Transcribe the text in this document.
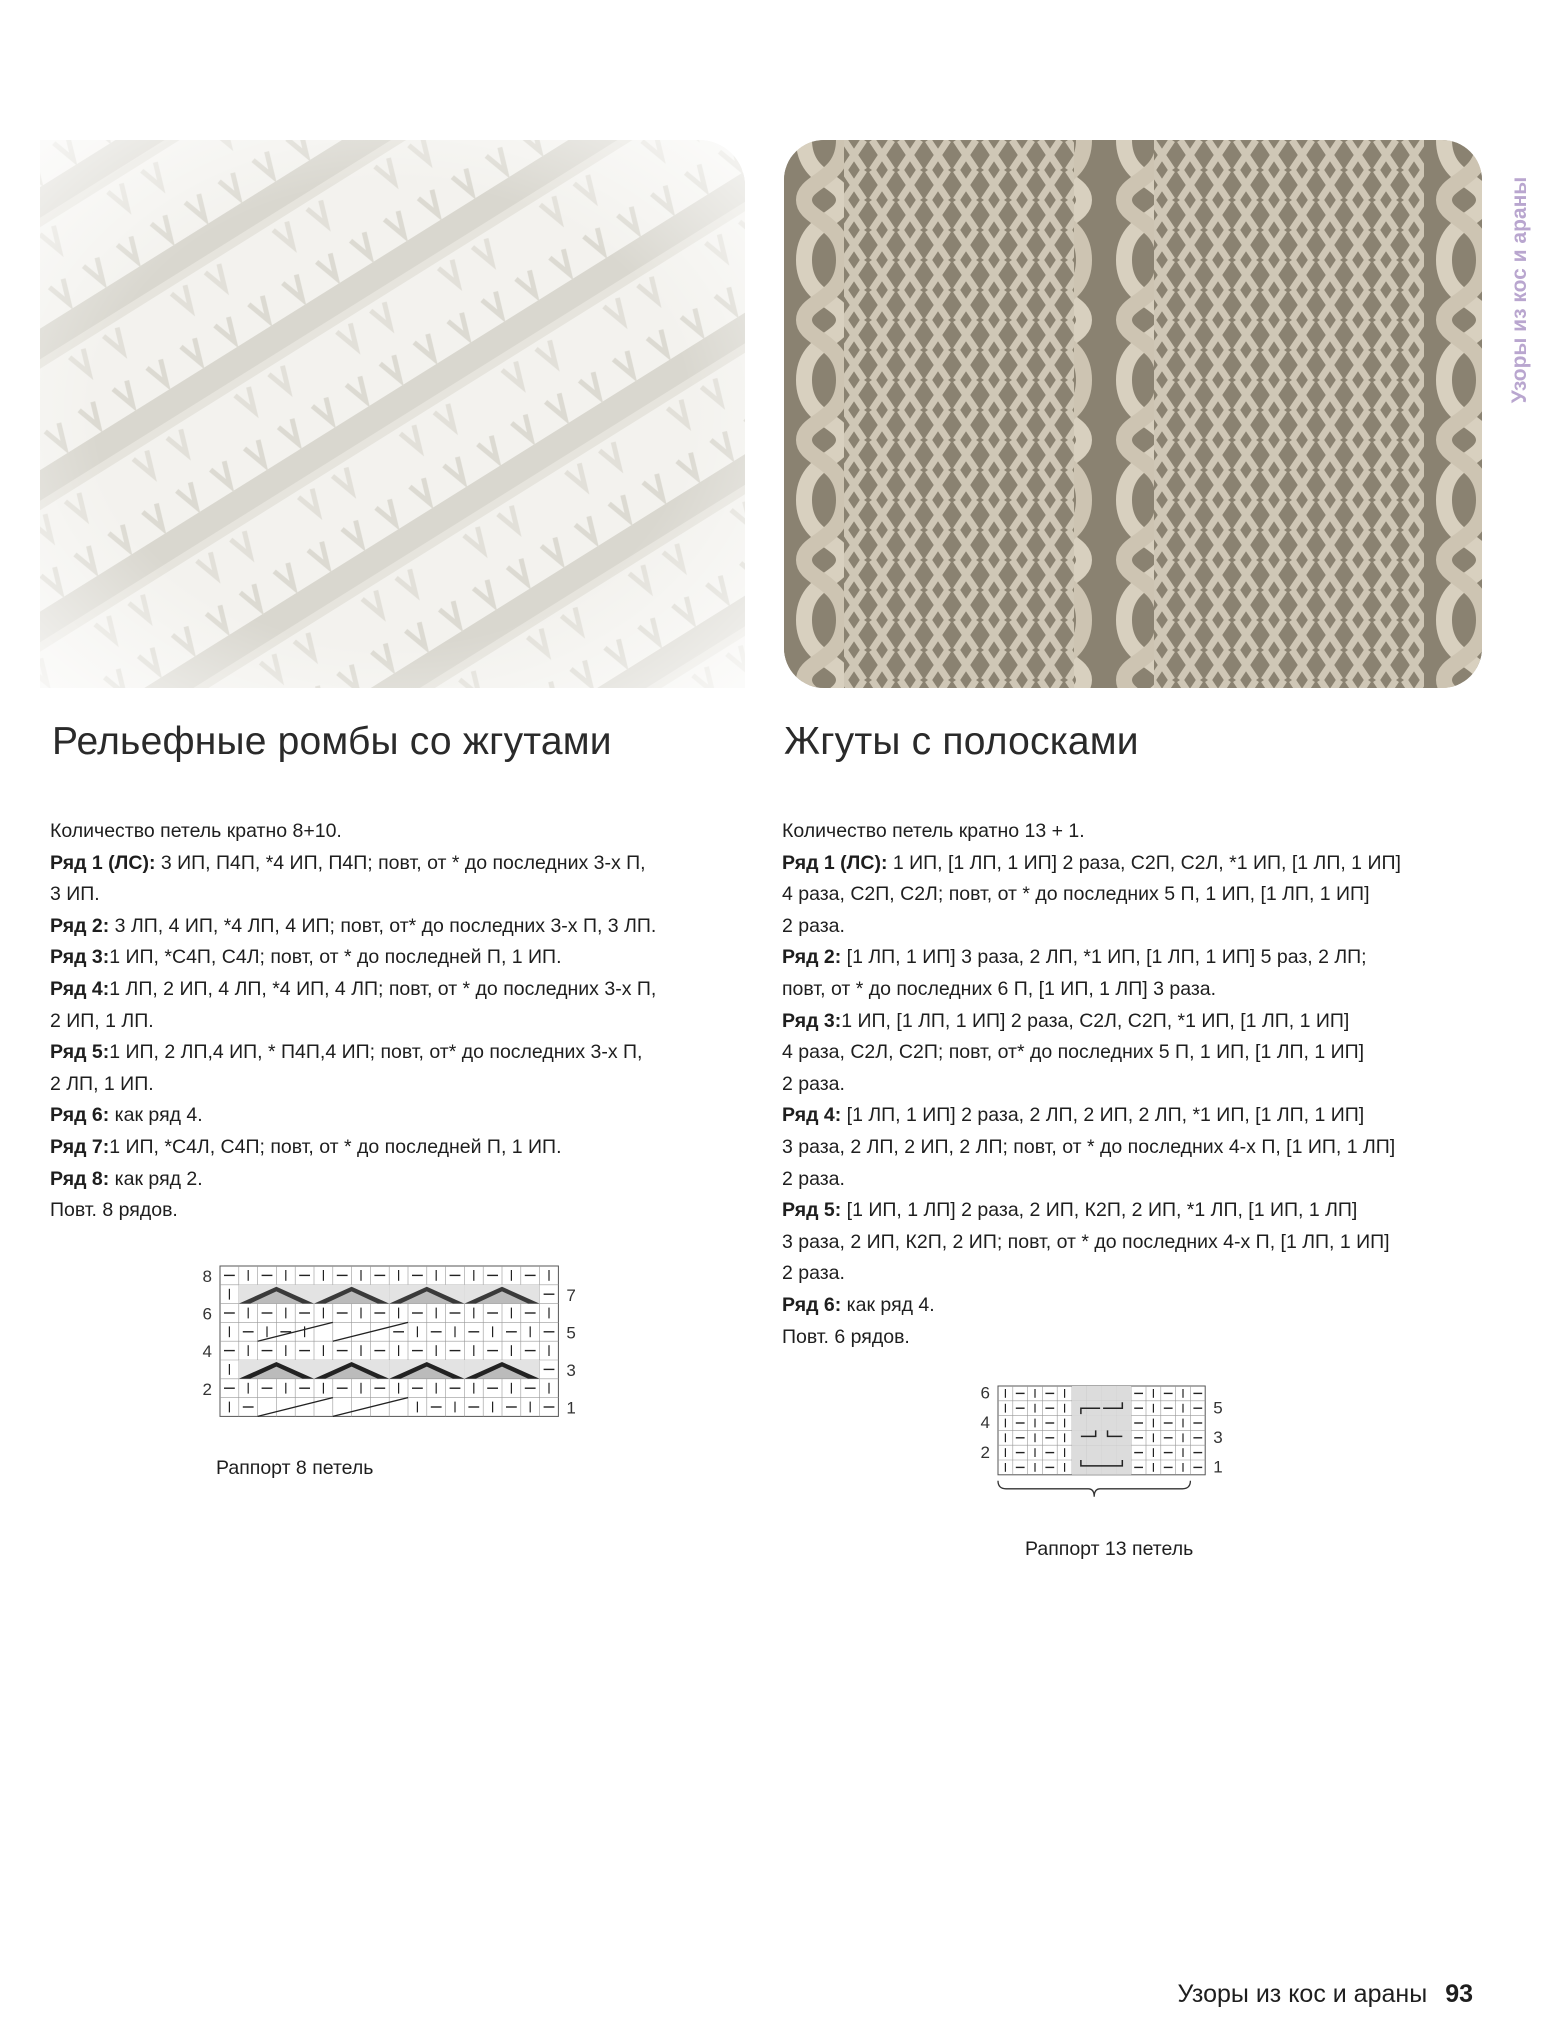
Узоры из кос и араны
Рельефные ромбы со жгутами
Количество петель кратно 8+10.
Ряд 1 (ЛС): 3 ИП, П4П, *4 ИП, П4П; повт, от * до последних 3-х П,
3 ИП.
Ряд 2: 3 ЛП, 4 ИП, *4 ЛП, 4 ИП; повт, от* до последних 3-х П, 3 ЛП.
Ряд 3:1 ИП, *С4П, С4Л; повт, от * до последней П, 1 ИП.
Ряд 4:1 ЛП, 2 ИП, 4 ЛП, *4 ИП, 4 ЛП; повт, от * до последних 3-х П,
2 ИП, 1 ЛП.
Ряд 5:1 ИП, 2 ЛП,4 ИП, * П4П,4 ИП; повт, от* до последних 3-х П,
2 ЛП, 1 ИП.
Ряд 6: как ряд 4.
Ряд 7:1 ИП, *С4Л, С4П; повт, от * до последней П, 1 ИП.
Ряд 8: как ряд 2.
Повт. 8 рядов.
8
6
4
2
7
5
3
1
Раппорт 8 петель
Жгуты с полосками
Количество петель кратно 13 + 1.
Ряд 1 (ЛС): 1 ИП, [1 ЛП, 1 ИП] 2 раза, С2П, С2Л, *1 ИП, [1 ЛП, 1 ИП]
4 раза, С2П, С2Л; повт, от * до последних 5 П, 1 ИП, [1 ЛП, 1 ИП]
2 раза.
Ряд 2: [1 ЛП, 1 ИП] 3 раза, 2 ЛП, *1 ИП, [1 ЛП, 1 ИП] 5 раз, 2 ЛП;
повт, от * до последних 6 П, [1 ИП, 1 ЛП] 3 раза.
Ряд 3:1 ИП, [1 ЛП, 1 ИП] 2 раза, С2Л, С2П, *1 ИП, [1 ЛП, 1 ИП]
4 раза, С2Л, С2П; повт, от* до последних 5 П, 1 ИП, [1 ЛП, 1 ИП]
2 раза.
Ряд 4: [1 ЛП, 1 ИП] 2 раза, 2 ЛП, 2 ИП, 2 ЛП, *1 ИП, [1 ЛП, 1 ИП]
3 раза, 2 ЛП, 2 ИП, 2 ЛП; повт, от * до последних 4-х П, [1 ИП, 1 ЛП]
2 раза.
Ряд 5: [1 ИП, 1 ЛП] 2 раза, 2 ИП, К2П, 2 ИП, *1 ЛП, [1 ИП, 1 ЛП]
3 раза, 2 ИП, К2П, 2 ИП; повт, от * до последних 4-х П, [1 ЛП, 1 ИП]
2 раза.
Ряд 6: как ряд 4.
Повт. 6 рядов.
6
4
2
5
3
1
Раппорт 13 петель
Узоры из кос и араны 93
